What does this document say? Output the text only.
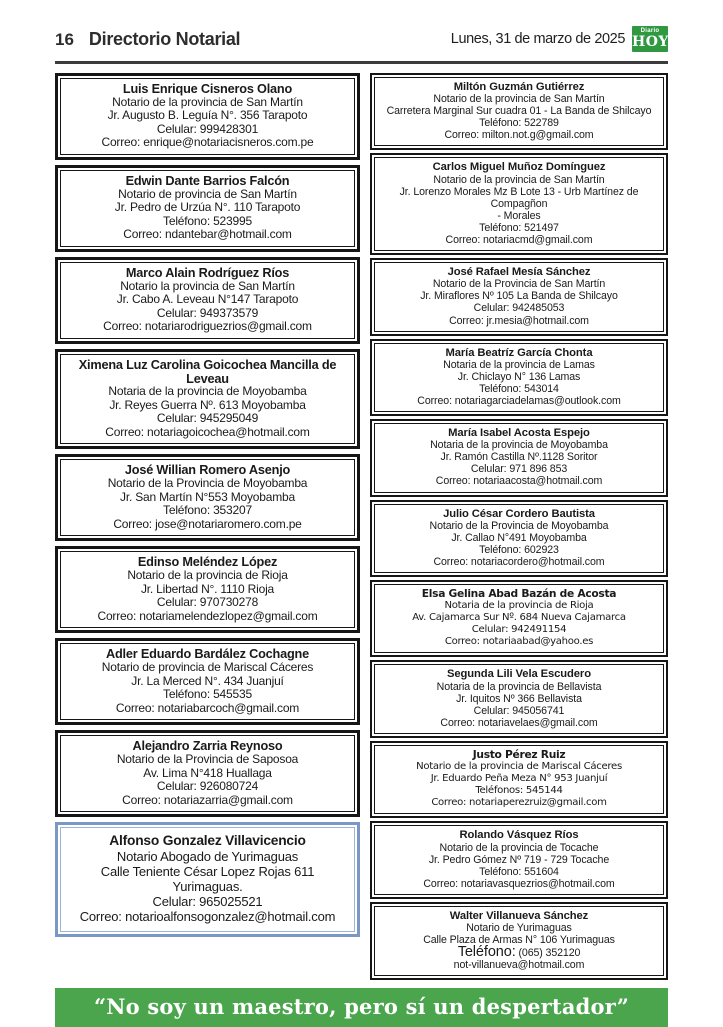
16 Directorio Notarial	Lunes, 31 de marzo de 2025	Diario
HOY
Luis Enrique Cisneros Olano
Notario de la provincia de San Martín
Jr. Augusto B. Leguía N°. 356 Tarapoto
Celular: 999428301
Correo: enrique@notariacisneros.com.pe
Edwin Dante Barrios Falcón
Notario de provincia de San Martín
Jr. Pedro de Urzúa N°. 110 Tarapoto
Teléfono: 523995
Correo: ndantebar@hotmail.com
Marco Alain Rodríguez Ríos
Notario la provincia de San Martín
Jr. Cabo A. Leveau N°147 Tarapoto
Celular: 949373579
Correo: notariarodriguezrios@gmail.com
Ximena Luz Carolina Goicochea Mancilla de Leveau
Notaria de la provincia de Moyobamba
Jr. Reyes Guerra Nº. 613 Moyobamba
Celular: 945295049
Correo: notariagoicochea@hotmail.com
José Willian Romero Asenjo
Notario de la Provincia de Moyobamba
Jr. San Martín N°553 Moyobamba
Teléfono: 353207
Correo: jose@notariaromero.com.pe
Edinso Meléndez López
Notario de la provincia de Rioja
Jr. Libertad N°. 1110 Rioja
Celular: 970730278
Correo: notariamelendezlopez@gmail.com
Adler Eduardo Bardález Cochagne
Notario de provincia de Mariscal Cáceres
Jr. La Merced N°. 434 Juanjuí
Teléfono: 545535
Correo: notariabarcoch@gmail.com
Alejandro Zarria Reynoso
Notario de la Provincia de Saposoa
Av. Lima N°418 Huallaga
Celular: 926080724
Correo: notariazarria@gmail.com
Alfonso Gonzalez Villavicencio
Notario Abogado de Yurimaguas
Calle Teniente César Lopez Rojas 611 Yurimaguas.
Celular: 965025521
Correo: notarioalfonsogonzalez@hotmail.com
Miltón Guzmán Gutiérrez
Notario de la provincia de San Martín
Carretera Marginal Sur cuadra 01 - La Banda de Shilcayo
Teléfono: 522789
Correo: milton.not.g@gmail.com
Carlos Miguel Muñoz Domínguez
Notario de la provincia de San Martín
Jr. Lorenzo Morales Mz B Lote 13 - Urb Martínez de Compagñon
- Morales
Teléfono: 521497
Correo: notariacmd@gmail.com
José Rafael Mesía Sánchez
Notario de la Provincia de San Martín
Jr. Miraflores Nº 105 La Banda de Shilcayo
Celular: 942485053
Correo: jr.mesia@hotmail.com
María Beatríz García Chonta
Notaria de la provincia de Lamas
Jr. Chiclayo N° 136 Lamas
Teléfono: 543014
Correo: notariagarciadelamas@outlook.com
María Isabel Acosta Espejo
Notaria de la provincia de Moyobamba
Jr. Ramón Castilla Nº.1128 Soritor
Celular: 971 896 853
Correo: notariaacosta@hotmail.com
Julio César Cordero Bautista
Notario de la Provincia de Moyobamba
Jr. Callao N°491 Moyobamba
Teléfono: 602923
Correo: notariacordero@hotmail.com
Elsa Gelina Abad Bazán de Acosta
Notaria de la provincia de Rioja
Av. Cajamarca Sur Nº. 684 Nueva Cajamarca
Celular: 942491154
Correo: notariaabad@yahoo.es
Segunda Lili Vela Escudero
Notaria de la provincia de Bellavista
Jr. Iquitos Nº 366 Bellavista
Celular: 945056741
Correo: notariavelaes@gmail.com
Justo Pérez Ruiz
Notario de la provincia de Mariscal Cáceres
Jr. Eduardo Peña Meza N° 953 Juanjuí
Teléfonos: 545144
Correo: notariaperezruiz@gmail.com
Rolando Vásquez Ríos
Notario de la provincia de Tocache
Jr. Pedro Gómez Nº 719 - 729 Tocache
Teléfono: 551604
Correo: notariavasquezrios@hotmail.com
Walter Villanueva Sánchez
Notario de Yurimaguas
Calle Plaza de Armas N° 106 Yurimaguas
Teléfono: (065) 352120
not-villanueva@hotmail.com
“No soy un maestro, pero sí un despertador”
